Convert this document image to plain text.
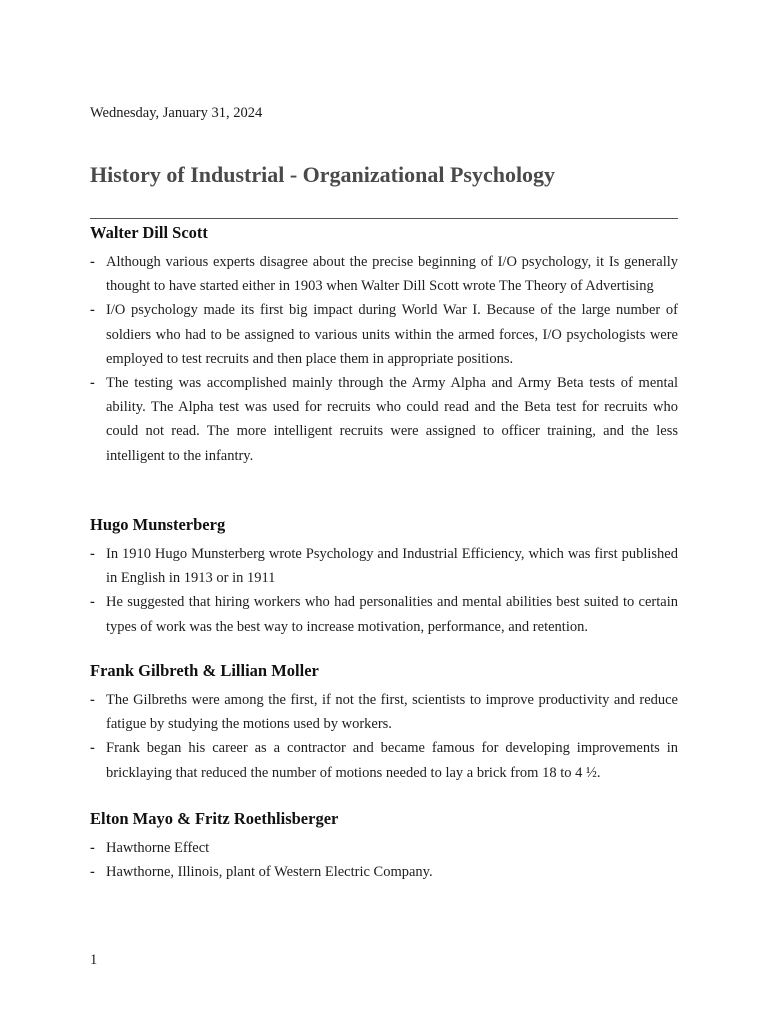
Wednesday, January 31, 2024
History of Industrial - Organizational Psychology
Walter Dill Scott
- Although various experts disagree about the precise beginning of I/O psychology, it Is generally thought to have started either in 1903 when Walter Dill Scott wrote The Theory of Advertising
- I/O psychology made its first big impact during World War I. Because of the large number of soldiers who had to be assigned to various units within the armed forces, I/O psychologists were employed to test recruits and then place them in appropriate positions.
- The testing was accomplished mainly through the Army Alpha and Army Beta tests of mental ability. The Alpha test was used for recruits who could read and the Beta test for recruits who could not read. The more intelligent recruits were assigned to officer training, and the less intelligent to the infantry.
Hugo Munsterberg
- In 1910 Hugo Munsterberg wrote Psychology and Industrial Efficiency, which was first published in English in 1913 or in 1911
- He suggested that hiring workers who had personalities and mental abilities best suited to certain types of work was the best way to increase motivation, performance, and retention.
Frank Gilbreth & Lillian Moller
- The Gilbreths were among the first, if not the first, scientists to improve productivity and reduce fatigue by studying the motions used by workers.
- Frank began his career as a contractor and became famous for developing improvements in bricklaying that reduced the number of motions needed to lay a brick from 18 to 4 ½.
Elton Mayo & Fritz Roethlisberger
- Hawthorne Effect
- Hawthorne, Illinois, plant of Western Electric Company.
1
